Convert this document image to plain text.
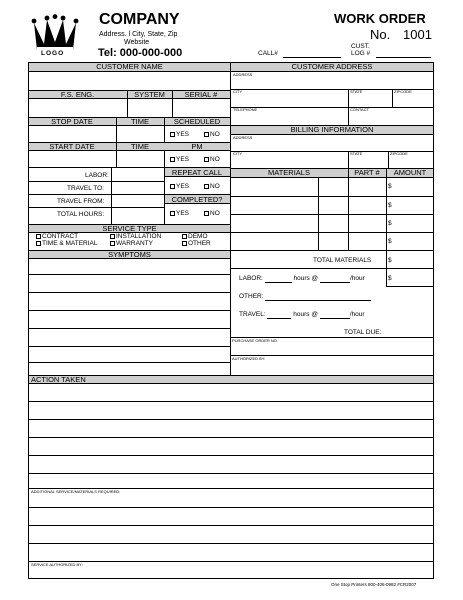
LOGO
COMPANY
Address. l City, State, Zip
Website
Tel: 000-000-000
WORK ORDER
No. 1001
CALL#
CUST.
LOG #
CUSTOMER NAME
F.S. ENG.	SYSTEM	SERIAL #
STOP DATE	TIME	SCHEDULED
YES	NO
START DATE	TIME	PM
YES	NO
LABOR:
TRAVEL TO:
TRAVEL FROM:
TOTAL HOURS:
REPEAT CALL
YES	NO
COMPLETED?
YES	NO
SERVICE TYPE
CONTRACT	INSTALLATION	DEMO
TIME & MATERIAL	WARRANTY	OTHER
SYMPTOMS
CUSTOMER ADDRESS
ADDRESS
CITY	STATE	ZIPCODE
TELEPHONE	CONTACT
BILLING INFORMATION
ADDRESS
CITY	STATE	ZIPCODE
MATERIALS	PART #	AMOUNT
$
$
$
$
TOTAL MATERIALS	$
LABOR:	hours @	/hour	$
OTHER:
TRAVEL:	hours @	/hour
TOTAL DUE:
PURCHASE ORDER NO.
AUTHORIZED BY:
ACTION TAKEN
ADDITIONAL SERVICE/MATERIALS REQUIRED:
SERVICE AUTHORIZED BY:
One Stop Printers 800-406-0982 #CR2007
